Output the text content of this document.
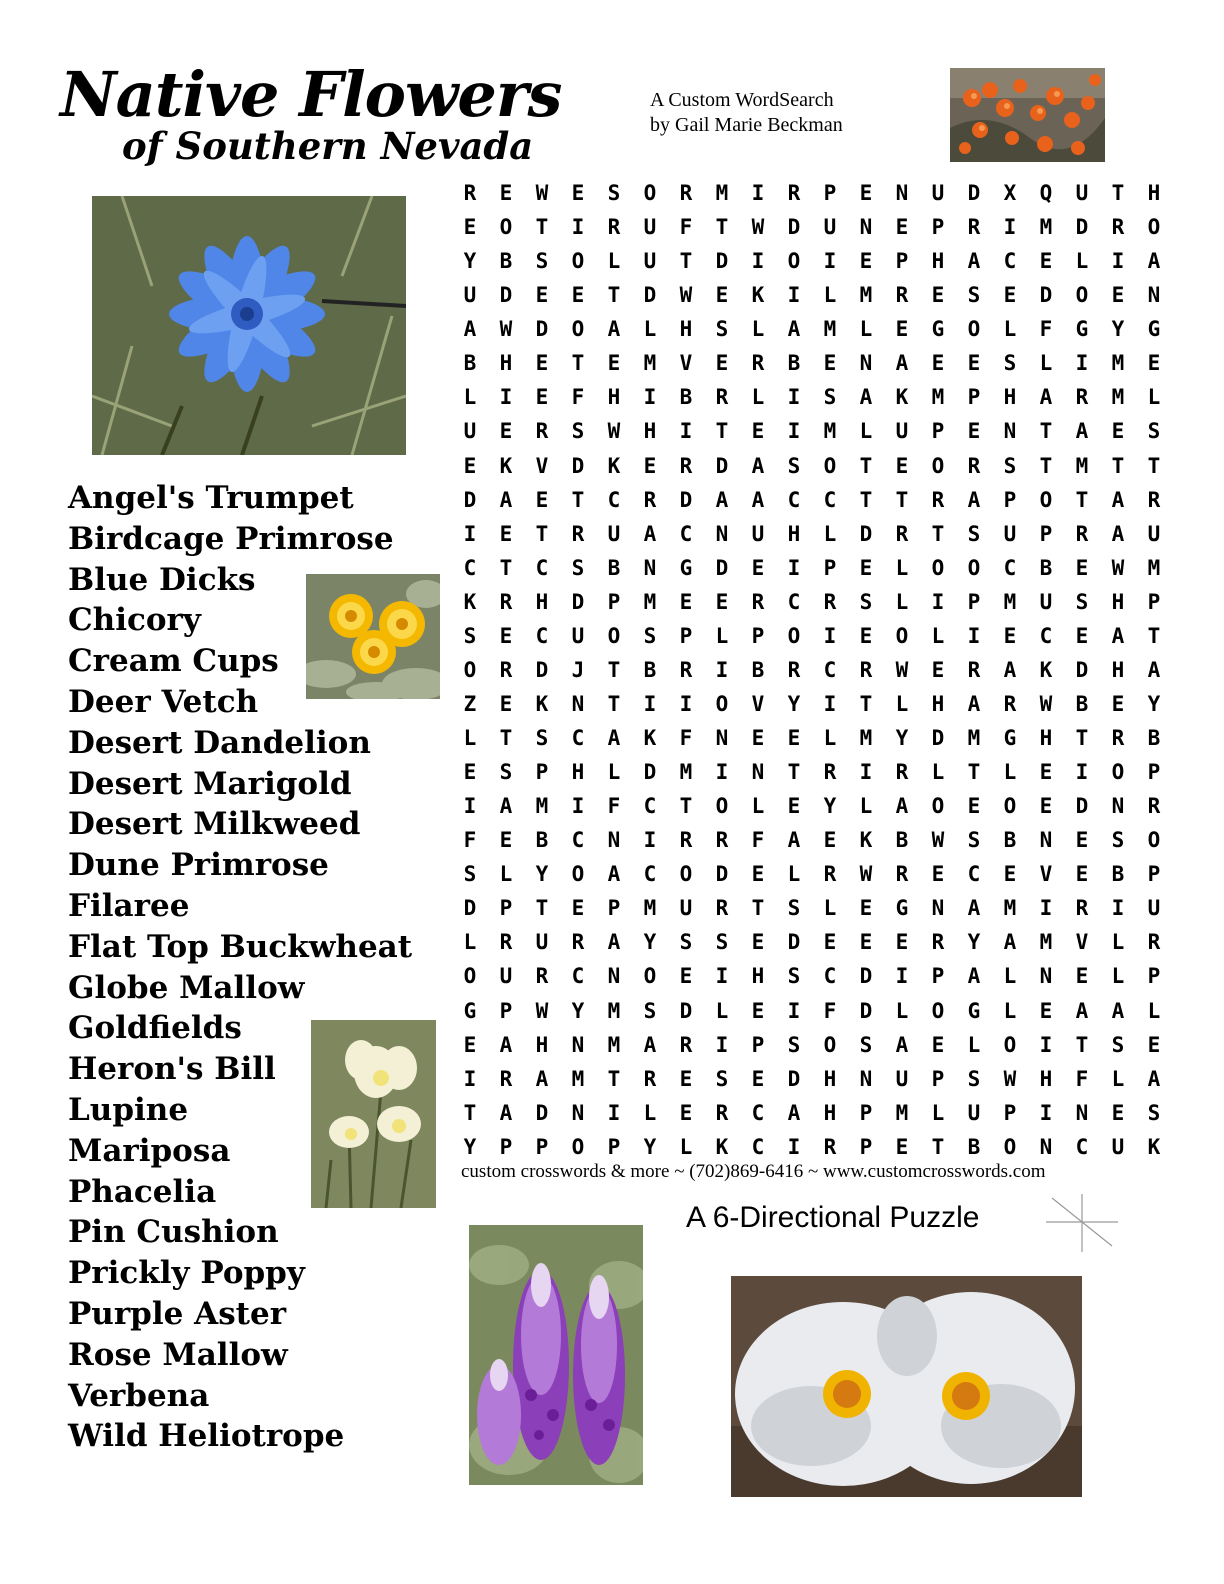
Native Flowers
of Southern Nevada
A Custom WordSearch
by Gail Marie Beckman
Angel's Trumpet
Birdcage Primrose
Blue Dicks
Chicory
Cream Cups
Deer Vetch
Desert Dandelion
Desert Marigold
Desert Milkweed
Dune Primrose
Filaree
Flat Top Buckwheat
Globe Mallow
Goldfields
Heron's Bill
Lupine
Mariposa
Phacelia
Pin Cushion
Prickly Poppy
Purple Aster
Rose Mallow
Verbena
Wild Heliotrope
R	E	W	E	S	O	R	M	I	R	P	E	N	U	D	X	Q	U	T	H
E	O	T	I	R	U	F	T	W	D	U	N	E	P	R	I	M	D	R	O
Y	B	S	O	L	U	T	D	I	O	I	E	P	H	A	C	E	L	I	A
U	D	E	E	T	D	W	E	K	I	L	M	R	E	S	E	D	O	E	N
A	W	D	O	A	L	H	S	L	A	M	L	E	G	O	L	F	G	Y	G
B	H	E	T	E	M	V	E	R	B	E	N	A	E	E	S	L	I	M	E
L	I	E	F	H	I	B	R	L	I	S	A	K	M	P	H	A	R	M	L
U	E	R	S	W	H	I	T	E	I	M	L	U	P	E	N	T	A	E	S
E	K	V	D	K	E	R	D	A	S	O	T	E	O	R	S	T	M	T	T
D	A	E	T	C	R	D	A	A	C	C	T	T	R	A	P	O	T	A	R
I	E	T	R	U	A	C	N	U	H	L	D	R	T	S	U	P	R	A	U
C	T	C	S	B	N	G	D	E	I	P	E	L	O	O	C	B	E	W	M
K	R	H	D	P	M	E	E	R	C	R	S	L	I	P	M	U	S	H	P
S	E	C	U	O	S	P	L	P	O	I	E	O	L	I	E	C	E	A	T
O	R	D	J	T	B	R	I	B	R	C	R	W	E	R	A	K	D	H	A
Z	E	K	N	T	I	I	O	V	Y	I	T	L	H	A	R	W	B	E	Y
L	T	S	C	A	K	F	N	E	E	L	M	Y	D	M	G	H	T	R	B
E	S	P	H	L	D	M	I	N	T	R	I	R	L	T	L	E	I	O	P
I	A	M	I	F	C	T	O	L	E	Y	L	A	O	E	O	E	D	N	R
F	E	B	C	N	I	R	R	F	A	E	K	B	W	S	B	N	E	S	O
S	L	Y	O	A	C	O	D	E	L	R	W	R	E	C	E	V	E	B	P
D	P	T	E	P	M	U	R	T	S	L	E	G	N	A	M	I	R	I	U
L	R	U	R	A	Y	S	S	E	D	E	E	E	R	Y	A	M	V	L	R
O	U	R	C	N	O	E	I	H	S	C	D	I	P	A	L	N	E	L	P
G	P	W	Y	M	S	D	L	E	I	F	D	L	O	G	L	E	A	A	L
E	A	H	N	M	A	R	I	P	S	O	S	A	E	L	O	I	T	S	E
I	R	A	M	T	R	E	S	E	D	H	N	U	P	S	W	H	F	L	A
T	A	D	N	I	L	E	R	C	A	H	P	M	L	U	P	I	N	E	S
Y	P	P	O	P	Y	L	K	C	I	R	P	E	T	B	O	N	C	U	K
custom crosswords & more ~ (702)869-6416 ~ www.customcrosswords.com
A 6-Directional Puzzle
